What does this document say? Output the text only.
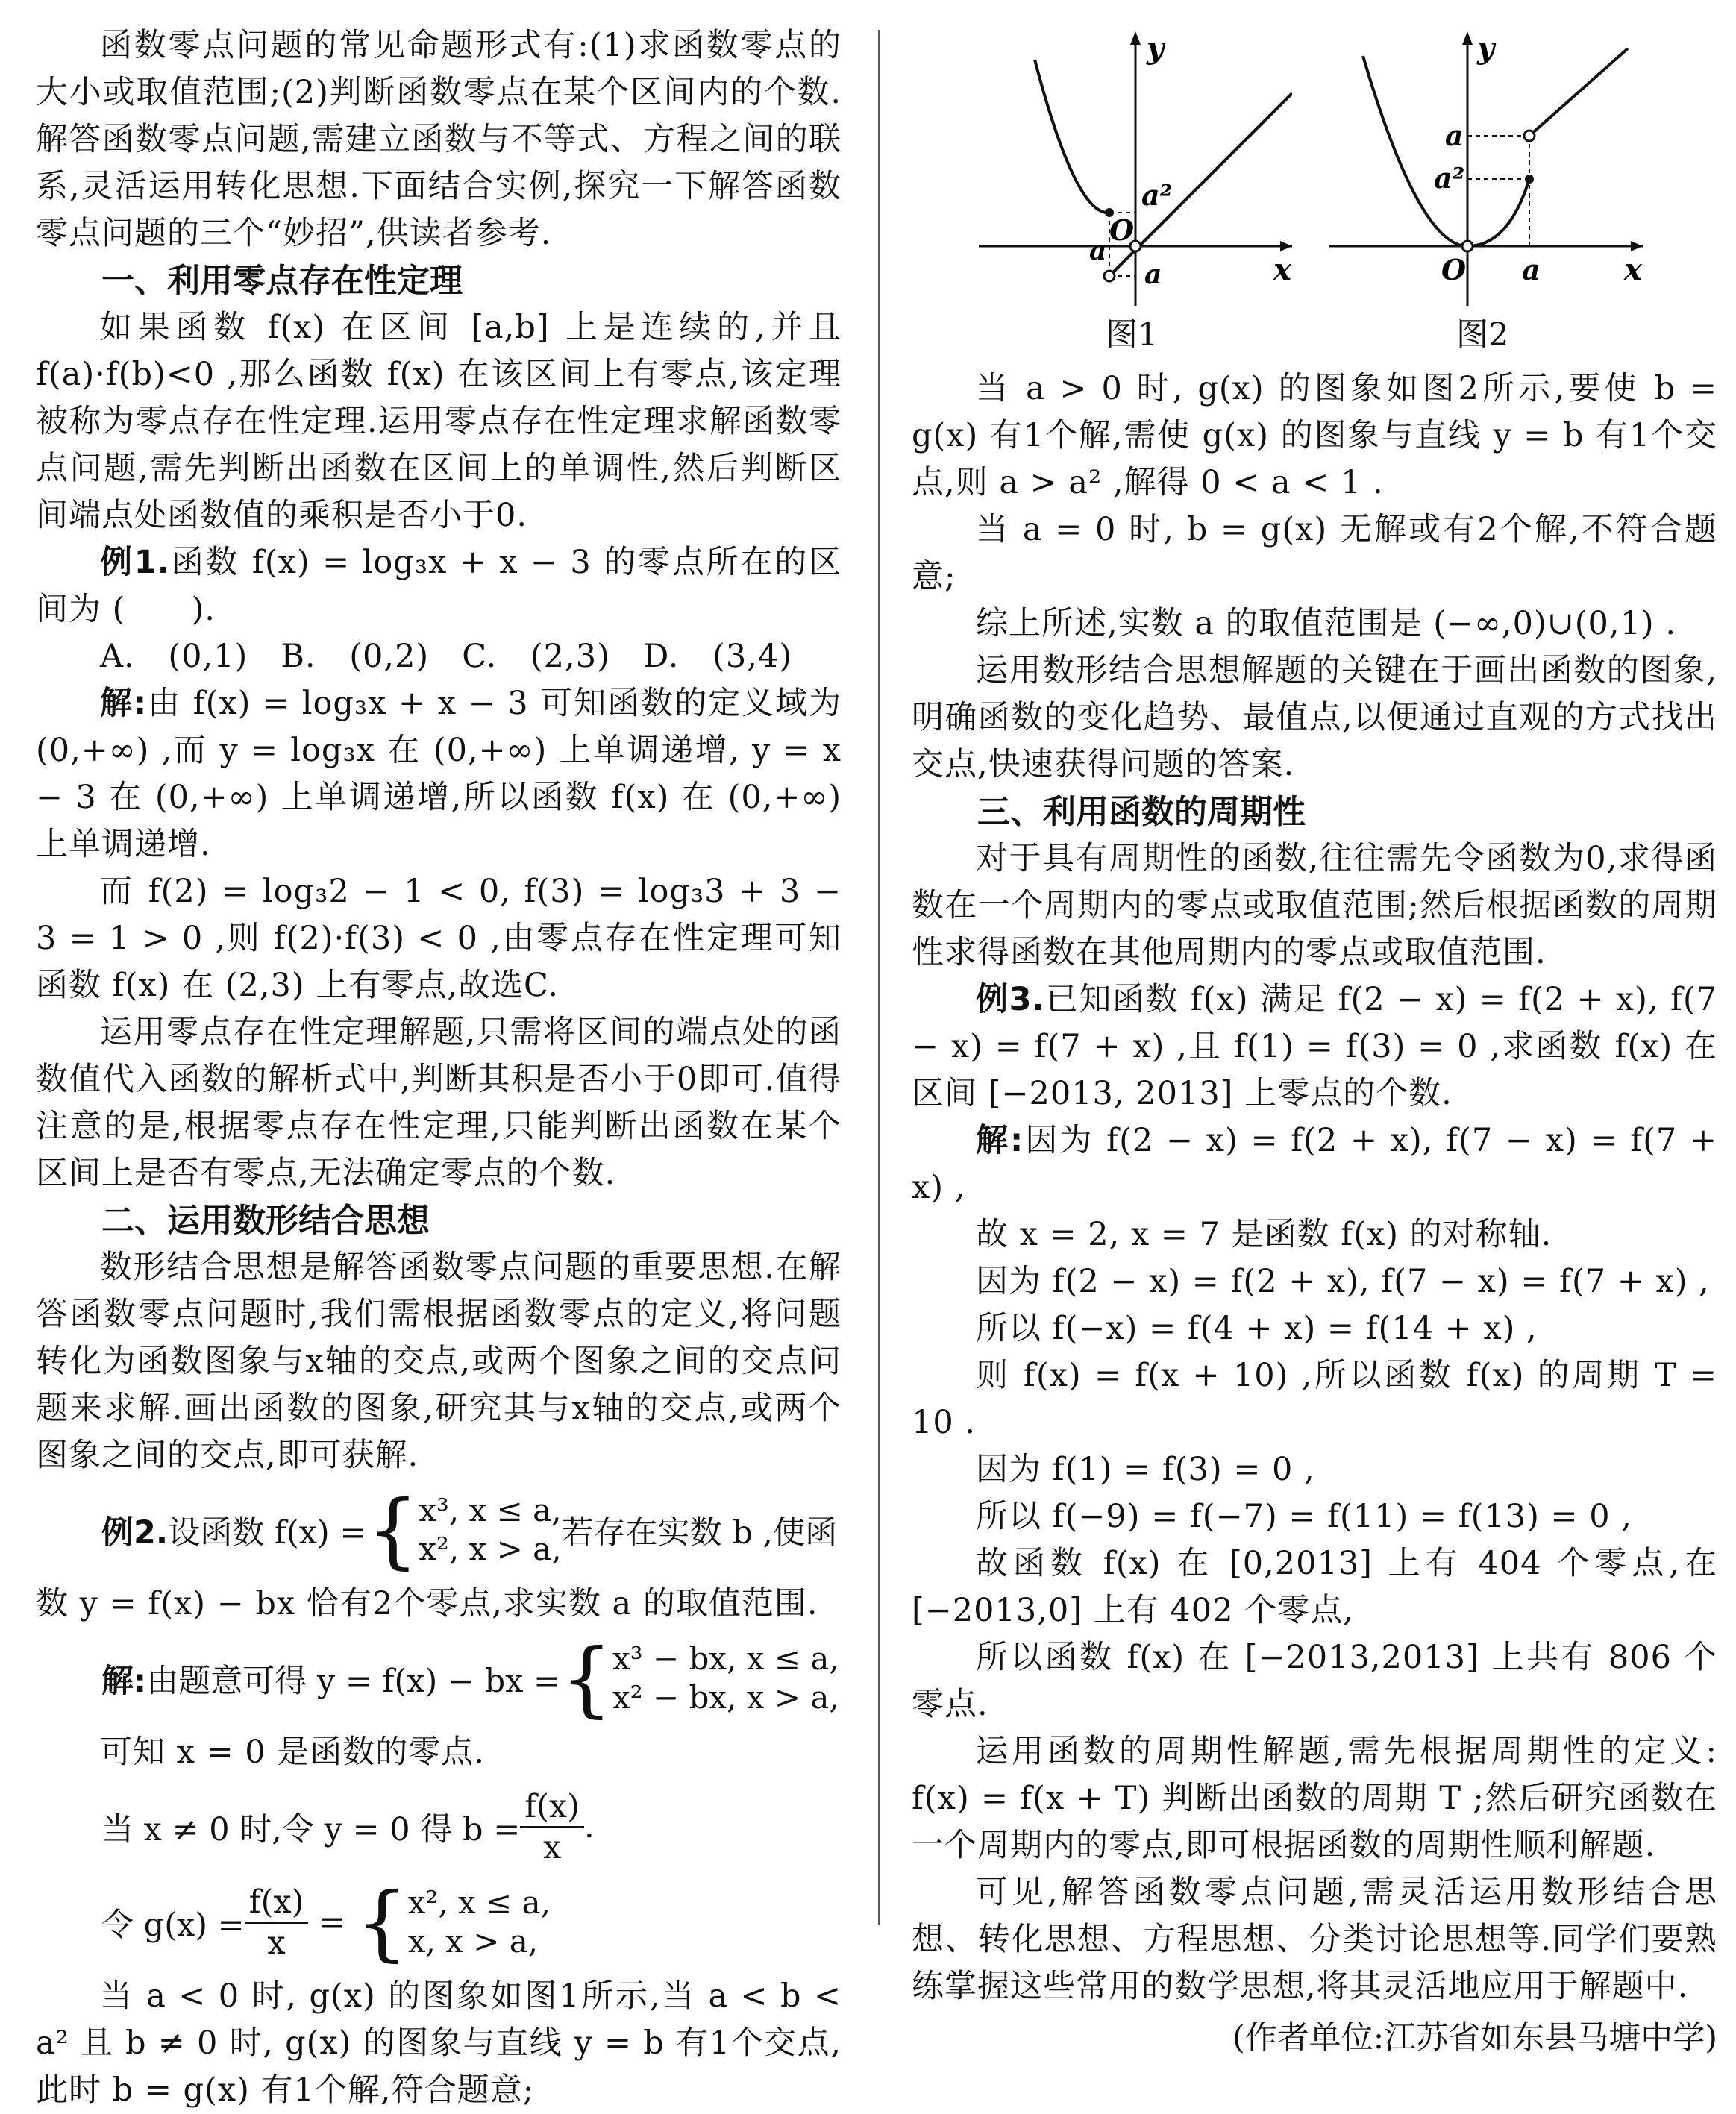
函数零点问题的常见命题形式有:(1)求函数零点的大小或取值范围;(2)判断函数零点在某个区间内的个数.解答函数零点问题,需建立函数与不等式、方程之间的联系,灵活运用转化思想.下面结合实例,探究一下解答函数零点问题的三个“妙招”,供读者参考.

一、利用零点存在性定理

如果函数 f(x) 在区间 [a,b] 上是连续的,并且 f(a)·f(b)<0 ,那么函数 f(x) 在该区间上有零点,该定理被称为零点存在性定理.运用零点存在性定理求解函数零点问题,需先判断出函数在区间上的单调性,然后判断区间端点处函数值的乘积是否小于0.

例1.函数 f(x) = log₃x + x − 3 的零点所在的区间为 (　　).

A. (0,1)　B. (0,2)　C. (2,3)　D. (3,4)

解:由 f(x) = log₃x + x − 3 可知函数的定义域为 (0,+∞) ,而 y = log₃x 在 (0,+∞) 上单调递增, y = x − 3 在 (0,+∞) 上单调递增,所以函数 f(x) 在 (0,+∞) 上单调递增.

而 f(2) = log₃2 − 1 < 0, f(3) = log₃3 + 3 − 3 = 1 > 0 ,则 f(2)·f(3) < 0 ,由零点存在性定理可知函数 f(x) 在 (2,3) 上有零点,故选C.

运用零点存在性定理解题,只需将区间的端点处的函数值代入函数的解析式中,判断其积是否小于0即可.值得注意的是,根据零点存在性定理,只能判断出函数在某个区间上是否有零点,无法确定零点的个数.

二、运用数形结合思想

数形结合思想是解答函数零点问题的重要思想.在解答函数零点问题时,我们需根据函数零点的定义,将问题转化为函数图象与x轴的交点,或两个图象之间的交点问题来求解.画出函数的图象,研究其与x轴的交点,或两个图象之间的交点,即可获解.

例2. 设函数 f(x) = { x³, x ≤ a,
x², x > a, 若存在实数 b ,使函

数 y = f(x) − bx 恰有2个零点,求实数 a 的取值范围.

解: 由题意可得 y = f(x) − bx = { x³ − bx, x ≤ a,
x² − bx, x > a,

可知 x = 0 是函数的零点.

当 x ≠ 0 时,令 y = 0 得 $b = \frac{f(x)}{x}$ .
令 $g(x) = \frac{f(x)}{x}$ = { x², x ≤ a,
x, x > a,

当 a < 0 时, g(x) 的图象如图1所示,当 a < b < a² 且 b ≠ 0 时, g(x) 的图象与直线 y = b 有1个交点,此时 b = g(x) 有1个解,符合题意;

y
x
O
a²
a
a
y
x
O
a
a²
a
图1	图2

当 a > 0 时, g(x) 的图象如图2所示,要使 b = g(x) 有1个解,需使 g(x) 的图象与直线 y = b 有1个交点,则 a > a² ,解得 0 < a < 1 .

当 a = 0 时, b = g(x) 无解或有2个解,不符合题意;

综上所述,实数 a 的取值范围是 (−∞,0)∪(0,1) .

运用数形结合思想解题的关键在于画出函数的图象,明确函数的变化趋势、最值点,以便通过直观的方式找出交点,快速获得问题的答案.

三、利用函数的周期性

对于具有周期性的函数,往往需先令函数为0,求得函数在一个周期内的零点或取值范围;然后根据函数的周期性求得函数在其他周期内的零点或取值范围.

例3.已知函数 f(x) 满足 f(2 − x) = f(2 + x), f(7 − x) = f(7 + x) ,且 f(1) = f(3) = 0 ,求函数 f(x) 在区间 [−2013, 2013] 上零点的个数.

解:因为 f(2 − x) = f(2 + x), f(7 − x) = f(7 + x) ,

故 x = 2, x = 7 是函数 f(x) 的对称轴.

因为 f(2 − x) = f(2 + x), f(7 − x) = f(7 + x) ,

所以 f(−x) = f(4 + x) = f(14 + x) ,

则 f(x) = f(x + 10) ,所以函数 f(x) 的周期 T = 10 .

因为 f(1) = f(3) = 0 ,

所以 f(−9) = f(−7) = f(11) = f(13) = 0 ,

故函数 f(x) 在 [0,2013] 上有 404 个零点,在 [−2013,0] 上有 402 个零点,

所以函数 f(x) 在 [−2013,2013] 上共有 806 个零点.

运用函数的周期性解题,需先根据周期性的定义: f(x) = f(x + T) 判断出函数的周期 T ;然后研究函数在一个周期内的零点,即可根据函数的周期性顺利解题.

可见,解答函数零点问题,需灵活运用数形结合思想、转化思想、方程思想、分类讨论思想等.同学们要熟练掌握这些常用的数学思想,将其灵活地应用于解题中.

(作者单位:江苏省如东县马塘中学)
